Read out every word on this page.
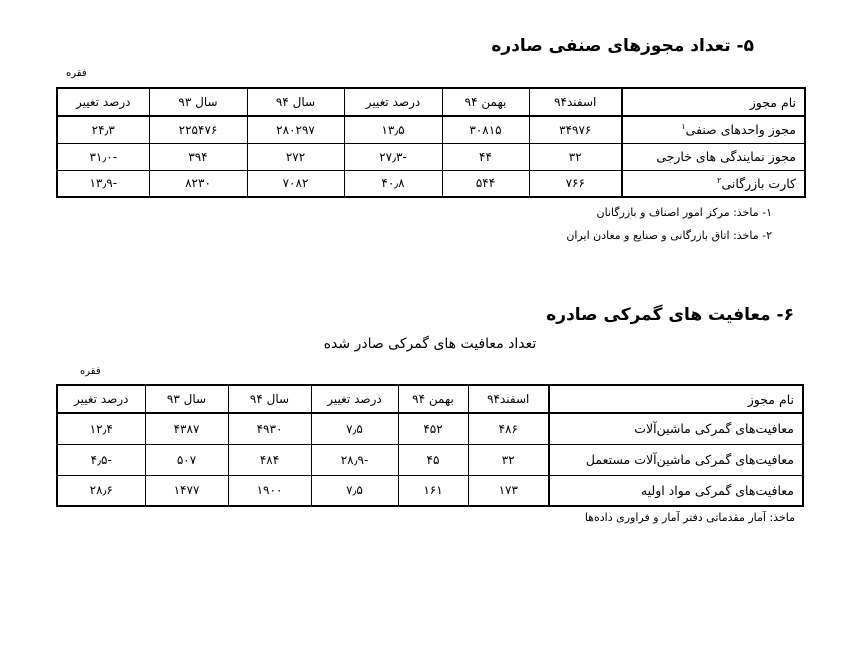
۵- تعداد مجوزهای صنفی صادره
فقره
نام مجوز	اسفند۹۴	بهمن ۹۴	درصد تغییر	سال ۹۴	سال ۹۳	درصد تغییر
مجوز واحدهای صنفی$^۱$	۳۴۹۷۶	۳۰۸۱۵	۱۳٫۵	۲۸۰۲۹۷	۲۲۵۴۷۶	۲۴٫۳
مجوز نمایندگی های خارجی	۳۲	۴۴	-۲۷٫۳	۲۷۲	۳۹۴	-۳۱٫۰
کارت بازرگانی$^۲$	۷۶۶	۵۴۴	۴۰٫۸	۷۰۸۲	۸۲۳۰	-۱۳٫۹
۱- ماخذ: مرکز امور اصناف و بازرگانان
۲- ماخذ: اتاق بازرگانی و صنایع و معادن ایران
۶- معافیت های گمرکی صادره
تعداد معافیت های گمرکی صادر شده
فقره
نام مجوز	اسفند۹۴	بهمن ۹۴	درصد تغییر	سال ۹۴	سال ۹۳	درصد تغییر
معافیت‌های گمرکی ماشین‌آلات	۴۸۶	۴۵۲	۷٫۵	۴۹۳۰	۴۳۸۷	۱۲٫۴
معافیت‌های گمرکی ماشین‌آلات مستعمل	۳۲	۴۵	-۲۸٫۹	۴۸۴	۵۰۷	-۴٫۵
معافیت‌های گمرکی مواد اولیه	۱۷۳	۱۶۱	۷٫۵	۱۹۰۰	۱۴۷۷	۲۸٫۶
ماخذ: آمار مقدماتی دفتر آمار و فراوری داده‌ها
